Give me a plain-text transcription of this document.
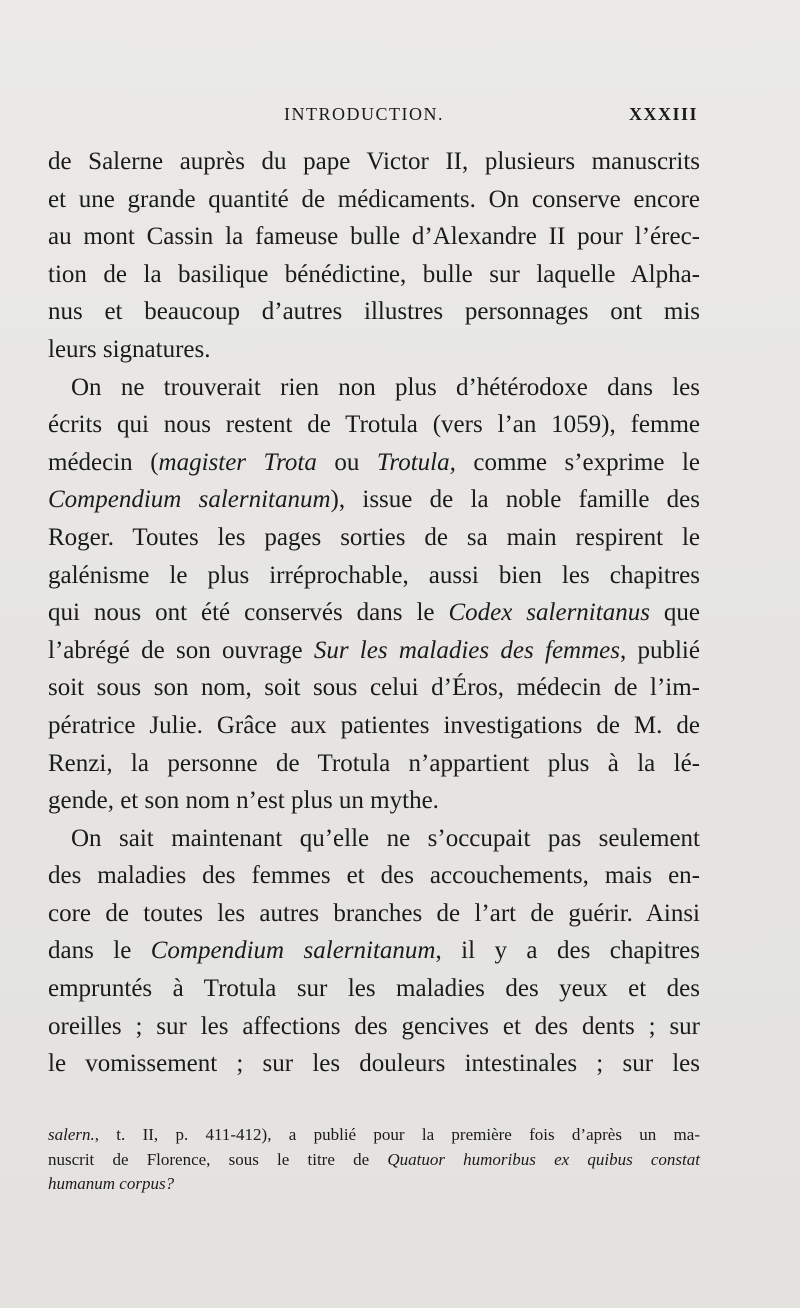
INTRODUCTION.	XXXIII

de Salerne auprès du pape Victor II, plusieurs manuscrits
et une grande quantité de médicaments. On conserve encore
au mont Cassin la fameuse bulle d’Alexandre II pour l’érec-
tion de la basilique bénédictine, bulle sur laquelle Alpha-
nus et beaucoup d’autres illustres personnages ont mis
leurs signatures.

On ne trouverait rien non plus d’hétérodoxe dans les
écrits qui nous restent de Trotula (vers l’an 1059), femme
médecin (magister Trota ou Trotula, comme s’exprime le
Compendium salernitanum), issue de la noble famille des
Roger. Toutes les pages sorties de sa main respirent le
galénisme le plus irréprochable, aussi bien les chapitres
qui nous ont été conservés dans le Codex salernitanus que
l’abrégé de son ouvrage Sur les maladies des femmes, publié
soit sous son nom, soit sous celui d’Éros, médecin de l’im-
pératrice Julie. Grâce aux patientes investigations de M. de
Renzi, la personne de Trotula n’appartient plus à la lé-
gende, et son nom n’est plus un mythe.

On sait maintenant qu’elle ne s’occupait pas seulement
des maladies des femmes et des accouchements, mais en-
core de toutes les autres branches de l’art de guérir. Ainsi
dans le Compendium salernitanum, il y a des chapitres
empruntés à Trotula sur les maladies des yeux et des
oreilles ; sur les affections des gencives et des dents ; sur
le vomissement ; sur les douleurs intestinales ; sur les

salern., t. II, p. 411-412), a publié pour la première fois d’après un ma-
nuscrit de Florence, sous le titre de Quatuor humoribus ex quibus constat
humanum corpus?
